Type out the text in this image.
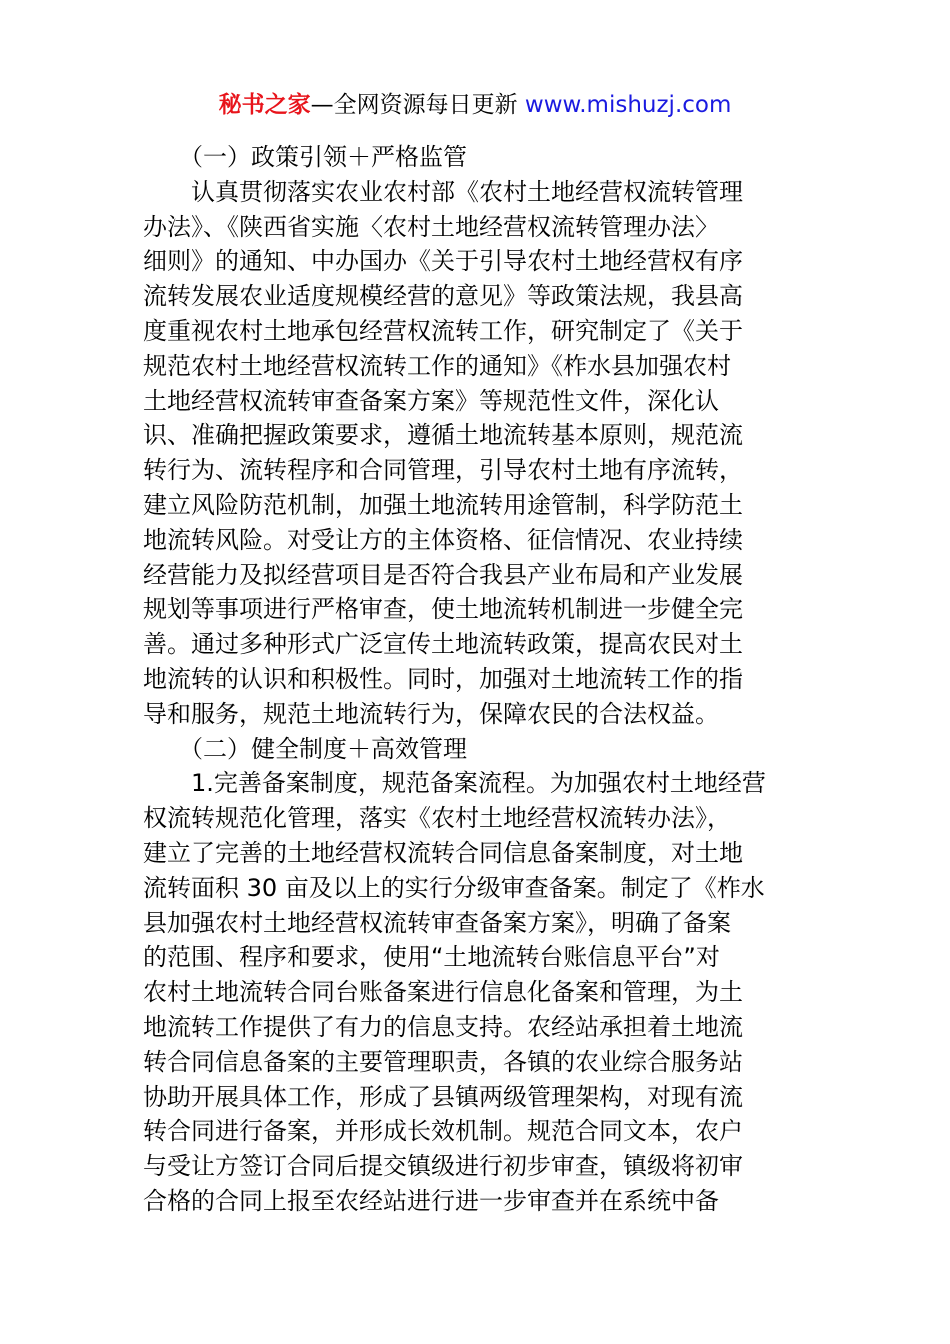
秘书之家—全网资源每日更新 www.mishuzj.com
　　（一）政策引领＋严格监管
　　认真贯彻落实农业农村部《农村土地经营权流转管理
办法》、《陕西省实施〈农村土地经营权流转管理办法〉
细则》的通知、中办国办《关于引导农村土地经营权有序
流转发展农业适度规模经营的意见》等政策法规，我县高
度重视农村土地承包经营权流转工作，研究制定了《关于
规范农村土地经营权流转工作的通知》《柞水县加强农村
土地经营权流转审查备案方案》等规范性文件，深化认
识、准确把握政策要求，遵循土地流转基本原则，规范流
转行为、流转程序和合同管理，引导农村土地有序流转，
建立风险防范机制，加强土地流转用途管制，科学防范土
地流转风险。对受让方的主体资格、征信情况、农业持续
经营能力及拟经营项目是否符合我县产业布局和产业发展
规划等事项进行严格审查，使土地流转机制进一步健全完
善。通过多种形式广泛宣传土地流转政策，提高农民对土
地流转的认识和积极性。同时，加强对土地流转工作的指
导和服务，规范土地流转行为，保障农民的合法权益。
　　（二）健全制度＋高效管理
　　1.完善备案制度，规范备案流程。为加强农村土地经营
权流转规范化管理，落实《农村土地经营权流转办法》，
建立了完善的土地经营权流转合同信息备案制度，对土地
流转面积 30 亩及以上的实行分级审查备案。制定了《柞水
县加强农村土地经营权流转审查备案方案》，明确了备案
的范围、程序和要求，使用“土地流转台账信息平台”对
农村土地流转合同台账备案进行信息化备案和管理，为土
地流转工作提供了有力的信息支持。农经站承担着土地流
转合同信息备案的主要管理职责，各镇的农业综合服务站
协助开展具体工作，形成了县镇两级管理架构，对现有流
转合同进行备案，并形成长效机制。规范合同文本，农户
与受让方签订合同后提交镇级进行初步审查，镇级将初审
合格的合同上报至农经站进行进一步审查并在系统中备
